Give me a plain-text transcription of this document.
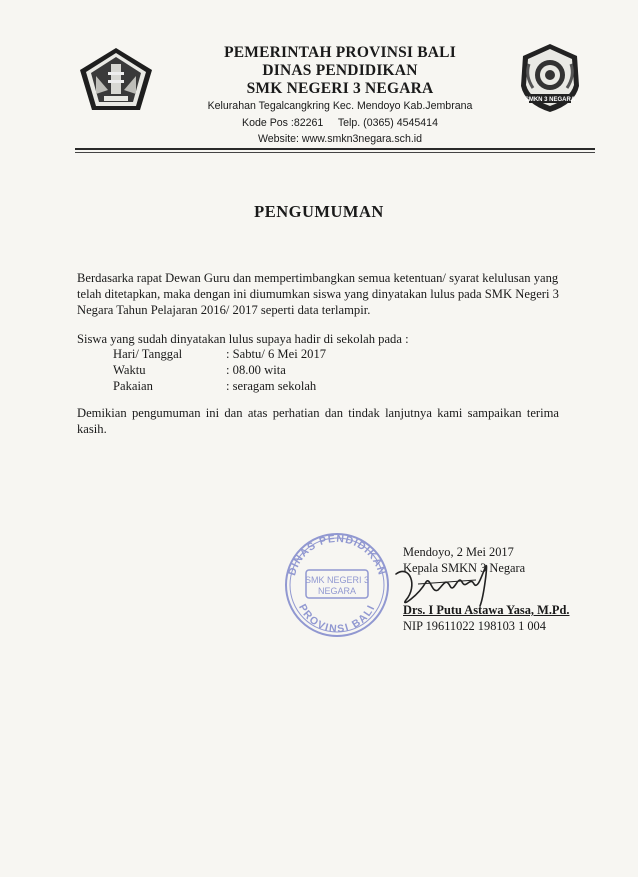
PEMERINTAH PROVINSI BALI
DINAS PENDIDIKAN
SMK NEGERI 3 NEGARA

Kelurahan Tegalcangkring Kec. Mendoyo Kab.Jembrana

Kode Pos :82261     Telp. (0365) 4545414

Website: www.smkn3negara.sch.id

SMKN 3 NEGARA
PENGUMUMAN

Berdasarka rapat Dewan Guru dan mempertimbangkan semua ketentuan/ syarat kelulusan yang telah ditetapkan, maka dengan ini diumumkan siswa yang dinyatakan lulus pada SMK Negeri 3 Negara Tahun Pelajaran 2016/ 2017 seperti data terlampir.

Siswa yang sudah dinyatakan lulus supaya hadir di sekolah pada :

Hari/ Tanggal	: Sabtu/ 6 Mei 2017
Waktu	: 08.00 wita
Pakaian	: seragam sekolah

Demikian pengumuman ini dan atas perhatian dan tindak lanjutnya kami sampaikan terima kasih.

DINAS PENDIDIKAN
PROVINSI BALI
SMK NEGERI 3
NEGARA
Mendoyo, 2 Mei 2017
Kepala SMKN 3 Negara
Drs. I Putu Astawa Yasa, M.Pd.
NIP 19611022 198103 1 004
